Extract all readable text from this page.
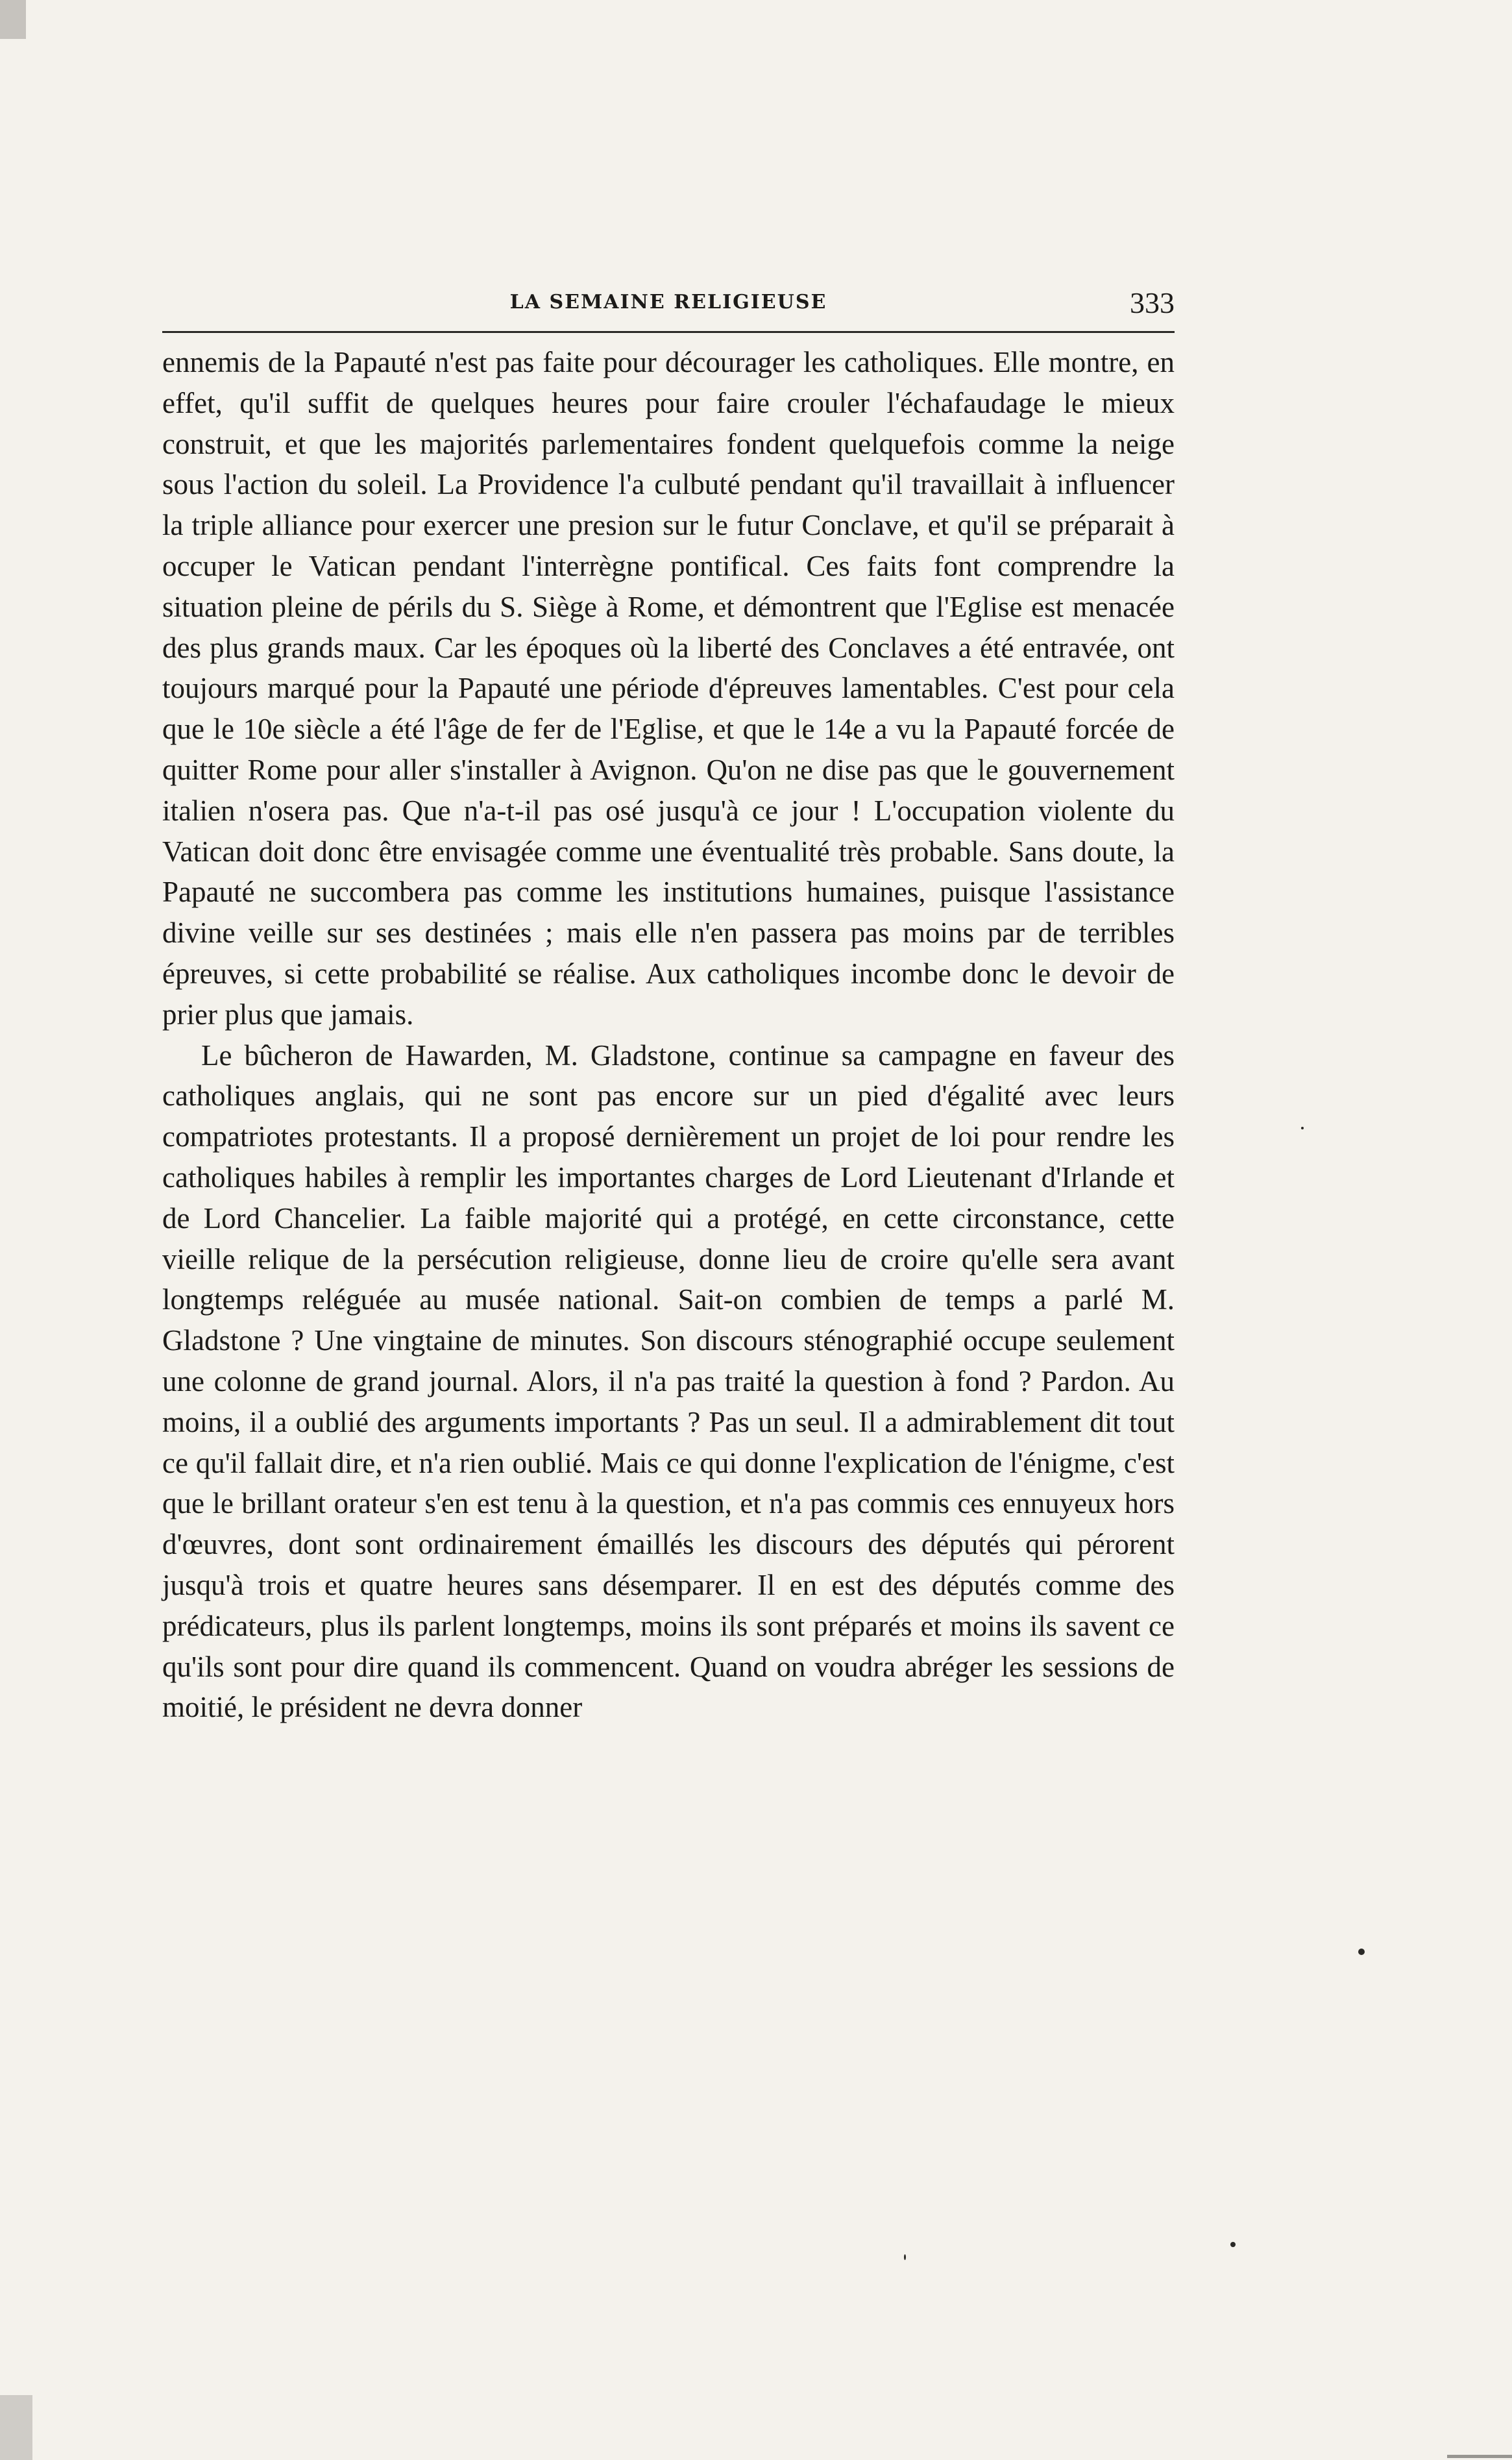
LA SEMAINE RELIGIEUSE	333

ennemis de la Papauté n'est pas faite pour décourager les catholiques. Elle montre, en effet, qu'il suffit de quelques heures pour faire crouler l'échafaudage le mieux construit, et que les majorités parlementaires fondent quelquefois comme la neige sous l'action du soleil. La Providence l'a culbuté pendant qu'il travaillait à influencer la triple alliance pour exercer une presion sur le futur Conclave, et qu'il se préparait à occuper le Vatican pendant l'interrègne pontifical. Ces faits font comprendre la situation pleine de périls du S. Siège à Rome, et démontrent que l'Eglise est menacée des plus grands maux. Car les époques où la liberté des Conclaves a été entravée, ont toujours marqué pour la Papauté une période d'épreuves lamentables. C'est pour cela que le 10e siècle a été l'âge de fer de l'Eglise, et que le 14e a vu la Papauté forcée de quitter Rome pour aller s'installer à Avignon. Qu'on ne dise pas que le gouvernement italien n'osera pas. Que n'a-t-il pas osé jusqu'à ce jour ! L'occupation violente du Vatican doit donc être envisagée comme une éventualité très probable. Sans doute, la Papauté ne succombera pas comme les institutions humaines, puisque l'assistance divine veille sur ses destinées ; mais elle n'en passera pas moins par de terribles épreuves, si cette probabilité se réalise. Aux catholiques incombe donc le devoir de prier plus que jamais.

Le bûcheron de Hawarden, M. Gladstone, continue sa campagne en faveur des catholiques anglais, qui ne sont pas encore sur un pied d'égalité avec leurs compatriotes protestants. Il a proposé dernièrement un projet de loi pour rendre les catholiques habiles à remplir les importantes charges de Lord Lieutenant d'Irlande et de Lord Chancelier. La faible majorité qui a protégé, en cette circonstance, cette vieille relique de la persécution religieuse, donne lieu de croire qu'elle sera avant longtemps reléguée au musée national. Sait-on combien de temps a parlé M. Gladstone ? Une vingtaine de minutes. Son discours sténographié occupe seulement une colonne de grand journal. Alors, il n'a pas traité la question à fond ? Pardon. Au moins, il a oublié des arguments importants ? Pas un seul. Il a admirablement dit tout ce qu'il fallait dire, et n'a rien oublié. Mais ce qui donne l'explication de l'énigme, c'est que le brillant orateur s'en est tenu à la question, et n'a pas commis ces ennuyeux hors d'œuvres, dont sont ordinairement émaillés les discours des députés qui pérorent jusqu'à trois et quatre heures sans désemparer. Il en est des députés comme des prédicateurs, plus ils parlent longtemps, moins ils sont préparés et moins ils savent ce qu'ils sont pour dire quand ils commencent. Quand on voudra abréger les sessions de moitié, le président ne devra donner
